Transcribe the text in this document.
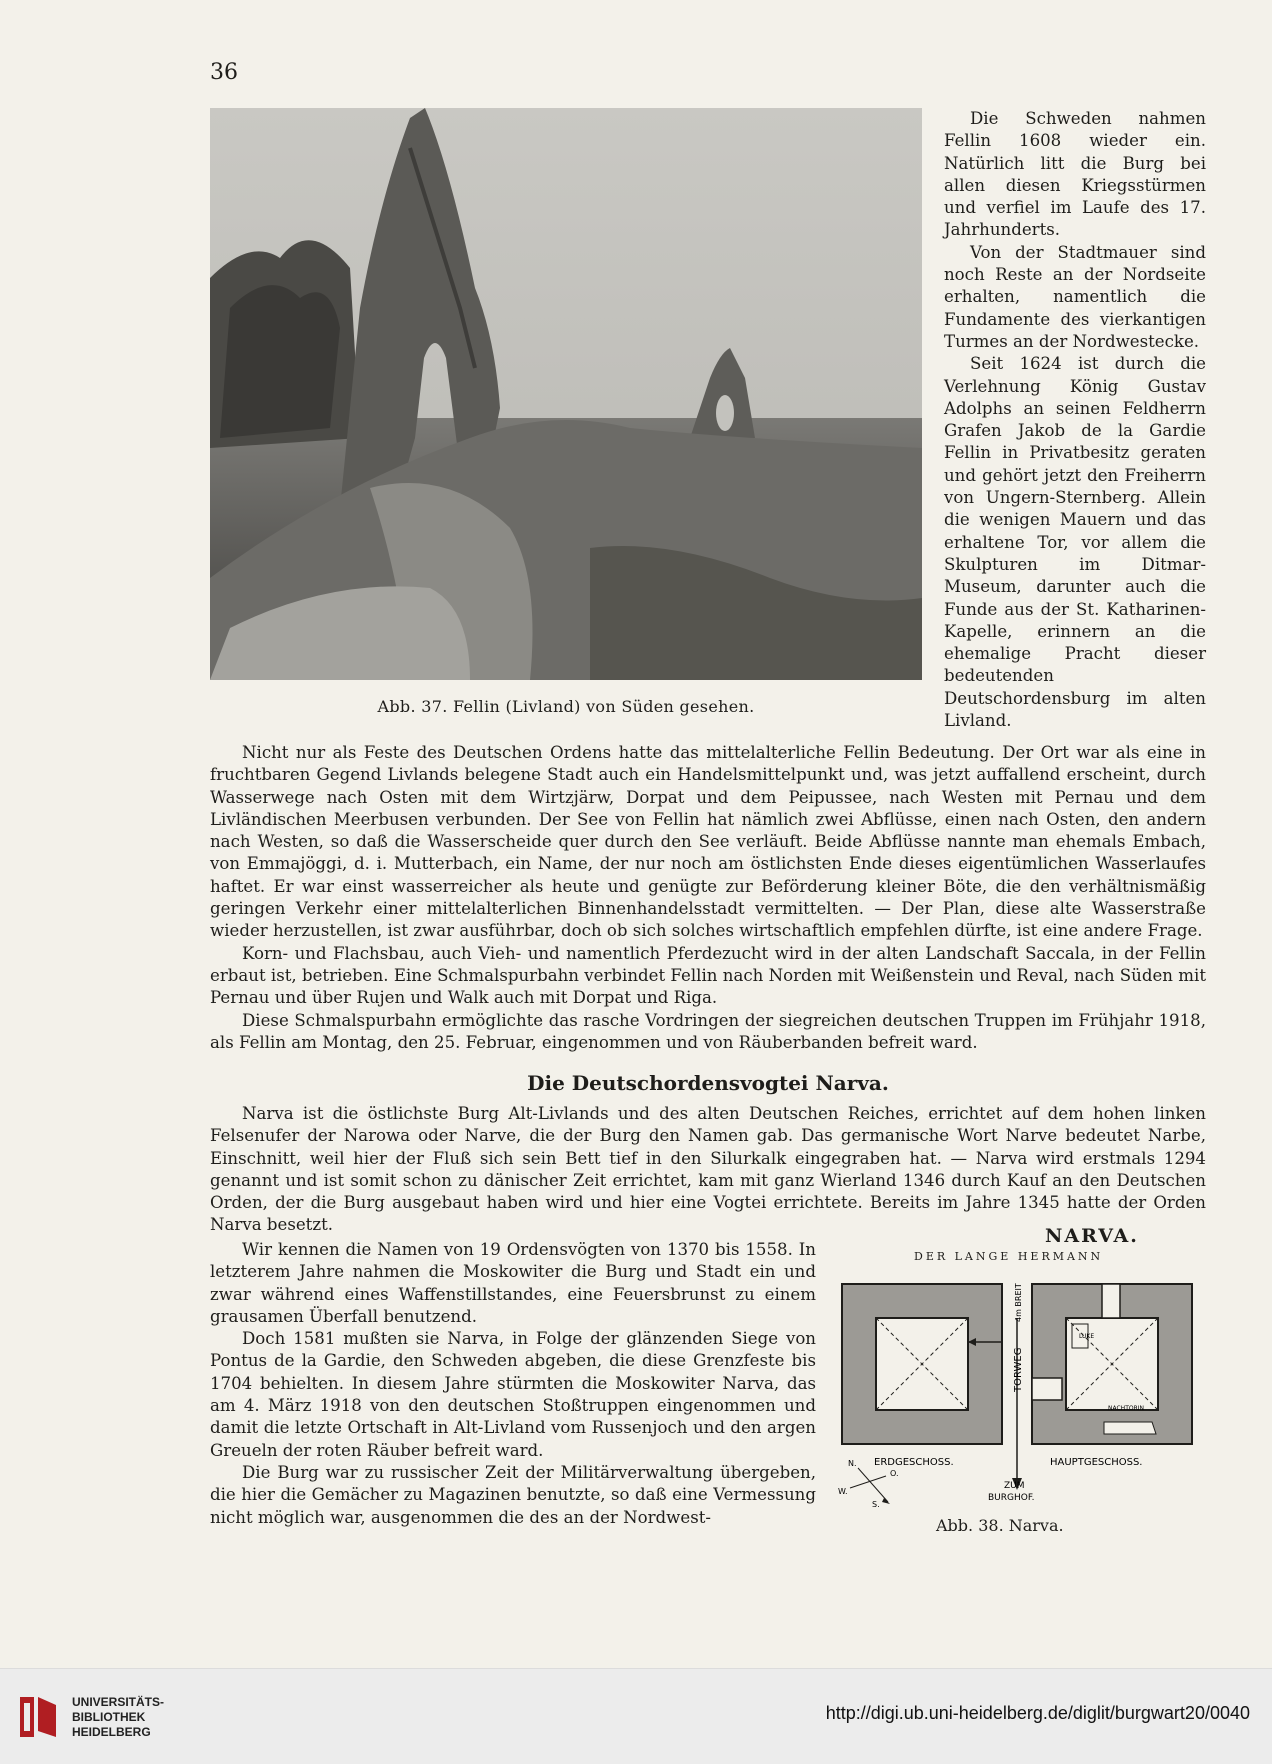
36
Abb. 37. Fellin (Livland) von Süden gesehen.

Die Schweden nahmen Fellin 1608 wieder ein. Natürlich litt die Burg bei allen diesen Kriegsstürmen und verfiel im Laufe des 17. Jahrhunderts.

Von der Stadtmauer sind noch Reste an der Nordseite erhalten, namentlich die Fundamente des vierkantigen Turmes an der Nordwestecke.

Seit 1624 ist durch die Verlehnung König Gustav Adolphs an seinen Feldherrn Grafen Jakob de la Gardie Fellin in Privatbesitz geraten und gehört jetzt den Freiherrn von Ungern-Sternberg. Allein die wenigen Mauern und das erhaltene Tor, vor allem die Skulpturen im Ditmar-Museum, darunter auch die Funde aus der St. Katharinen-Kapelle, erinnern an die ehemalige Pracht dieser bedeutenden Deutschordensburg im alten Livland.

Nicht nur als Feste des Deutschen Ordens hatte das mittelalterliche Fellin Bedeutung. Der Ort war als eine in fruchtbaren Gegend Livlands belegene Stadt auch ein Handelsmittelpunkt und, was jetzt auffallend erscheint, durch Wasserwege nach Osten mit dem Wirtzjärw, Dorpat und dem Peipussee, nach Westen mit Pernau und dem Livländischen Meerbusen verbunden. Der See von Fellin hat nämlich zwei Abflüsse, einen nach Osten, den andern nach Westen, so daß die Wasserscheide quer durch den See verläuft. Beide Abflüsse nannte man ehemals Embach, von Emmajöggi, d. i. Mutterbach, ein Name, der nur noch am östlichsten Ende dieses eigentümlichen Wasserlaufes haftet. Er war einst wasserreicher als heute und genügte zur Beförderung kleiner Böte, die den verhältnismäßig geringen Verkehr einer mittelalterlichen Binnenhandelsstadt vermittelten. — Der Plan, diese alte Wasserstraße wieder herzustellen, ist zwar ausführbar, doch ob sich solches wirtschaftlich empfehlen dürfte, ist eine andere Frage.

Korn- und Flachsbau, auch Vieh- und namentlich Pferdezucht wird in der alten Landschaft Saccala, in der Fellin erbaut ist, betrieben. Eine Schmalspurbahn verbindet Fellin nach Norden mit Weißenstein und Reval, nach Süden mit Pernau und über Rujen und Walk auch mit Dorpat und Riga.

Diese Schmalspurbahn ermöglichte das rasche Vordringen der siegreichen deutschen Truppen im Frühjahr 1918, als Fellin am Montag, den 25. Februar, eingenommen und von Räuberbanden befreit ward.

Die Deutschordensvogtei Narva.

Narva ist die östlichste Burg Alt-Livlands und des alten Deutschen Reiches, errichtet auf dem hohen linken Felsenufer der Narowa oder Narve, die der Burg den Namen gab. Das germanische Wort Narve bedeutet Narbe, Einschnitt, weil hier der Fluß sich sein Bett tief in den Silurkalk eingegraben hat. — Narva wird erstmals 1294 genannt und ist somit schon zu dänischer Zeit errichtet, kam mit ganz Wierland 1346 durch Kauf an den Deutschen Orden, der die Burg ausgebaut haben wird und hier eine Vogtei errichtete. Bereits im Jahre 1345 hatte der Orden Narva besetzt.

Wir kennen die Namen von 19 Ordensvögten von 1370 bis 1558. In letzterem Jahre nahmen die Moskowiter die Burg und Stadt ein und zwar während eines Waffenstillstandes, eine Feuersbrunst zu einem grausamen Überfall benutzend.

Doch 1581 mußten sie Narva, in Folge der glänzenden Siege von Pontus de la Gardie, den Schweden abgeben, die diese Grenzfeste bis 1704 behielten. In diesem Jahre stürmten die Moskowiter Narva, das am 4. März 1918 von den deutschen Stoßtruppen eingenommen und damit die letzte Ortschaft in Alt-Livland vom Russenjoch und den argen Greueln der roten Räuber befreit ward.

Die Burg war zu russischer Zeit der Militärverwaltung übergeben, die hier die Gemächer zu Magazinen benutzte, so daß eine Vermessung nicht möglich war, ausgenommen die des an der Nordwest-

NARVA.
DER LANGE HERMANN
TORWEG
4m BREIT
LUKE
NACHTORIN
ERDGESCHOSS.	HAUPTGESCHOSS.
ZUM
BURGHOF.
N.
O.
S.
W.
Abb. 38. Narva.
UNIVERSITÄTS-
BIBLIOTHEK
HEIDELBERG
http://digi.ub.uni-heidelberg.de/diglit/burgwart20/0040
